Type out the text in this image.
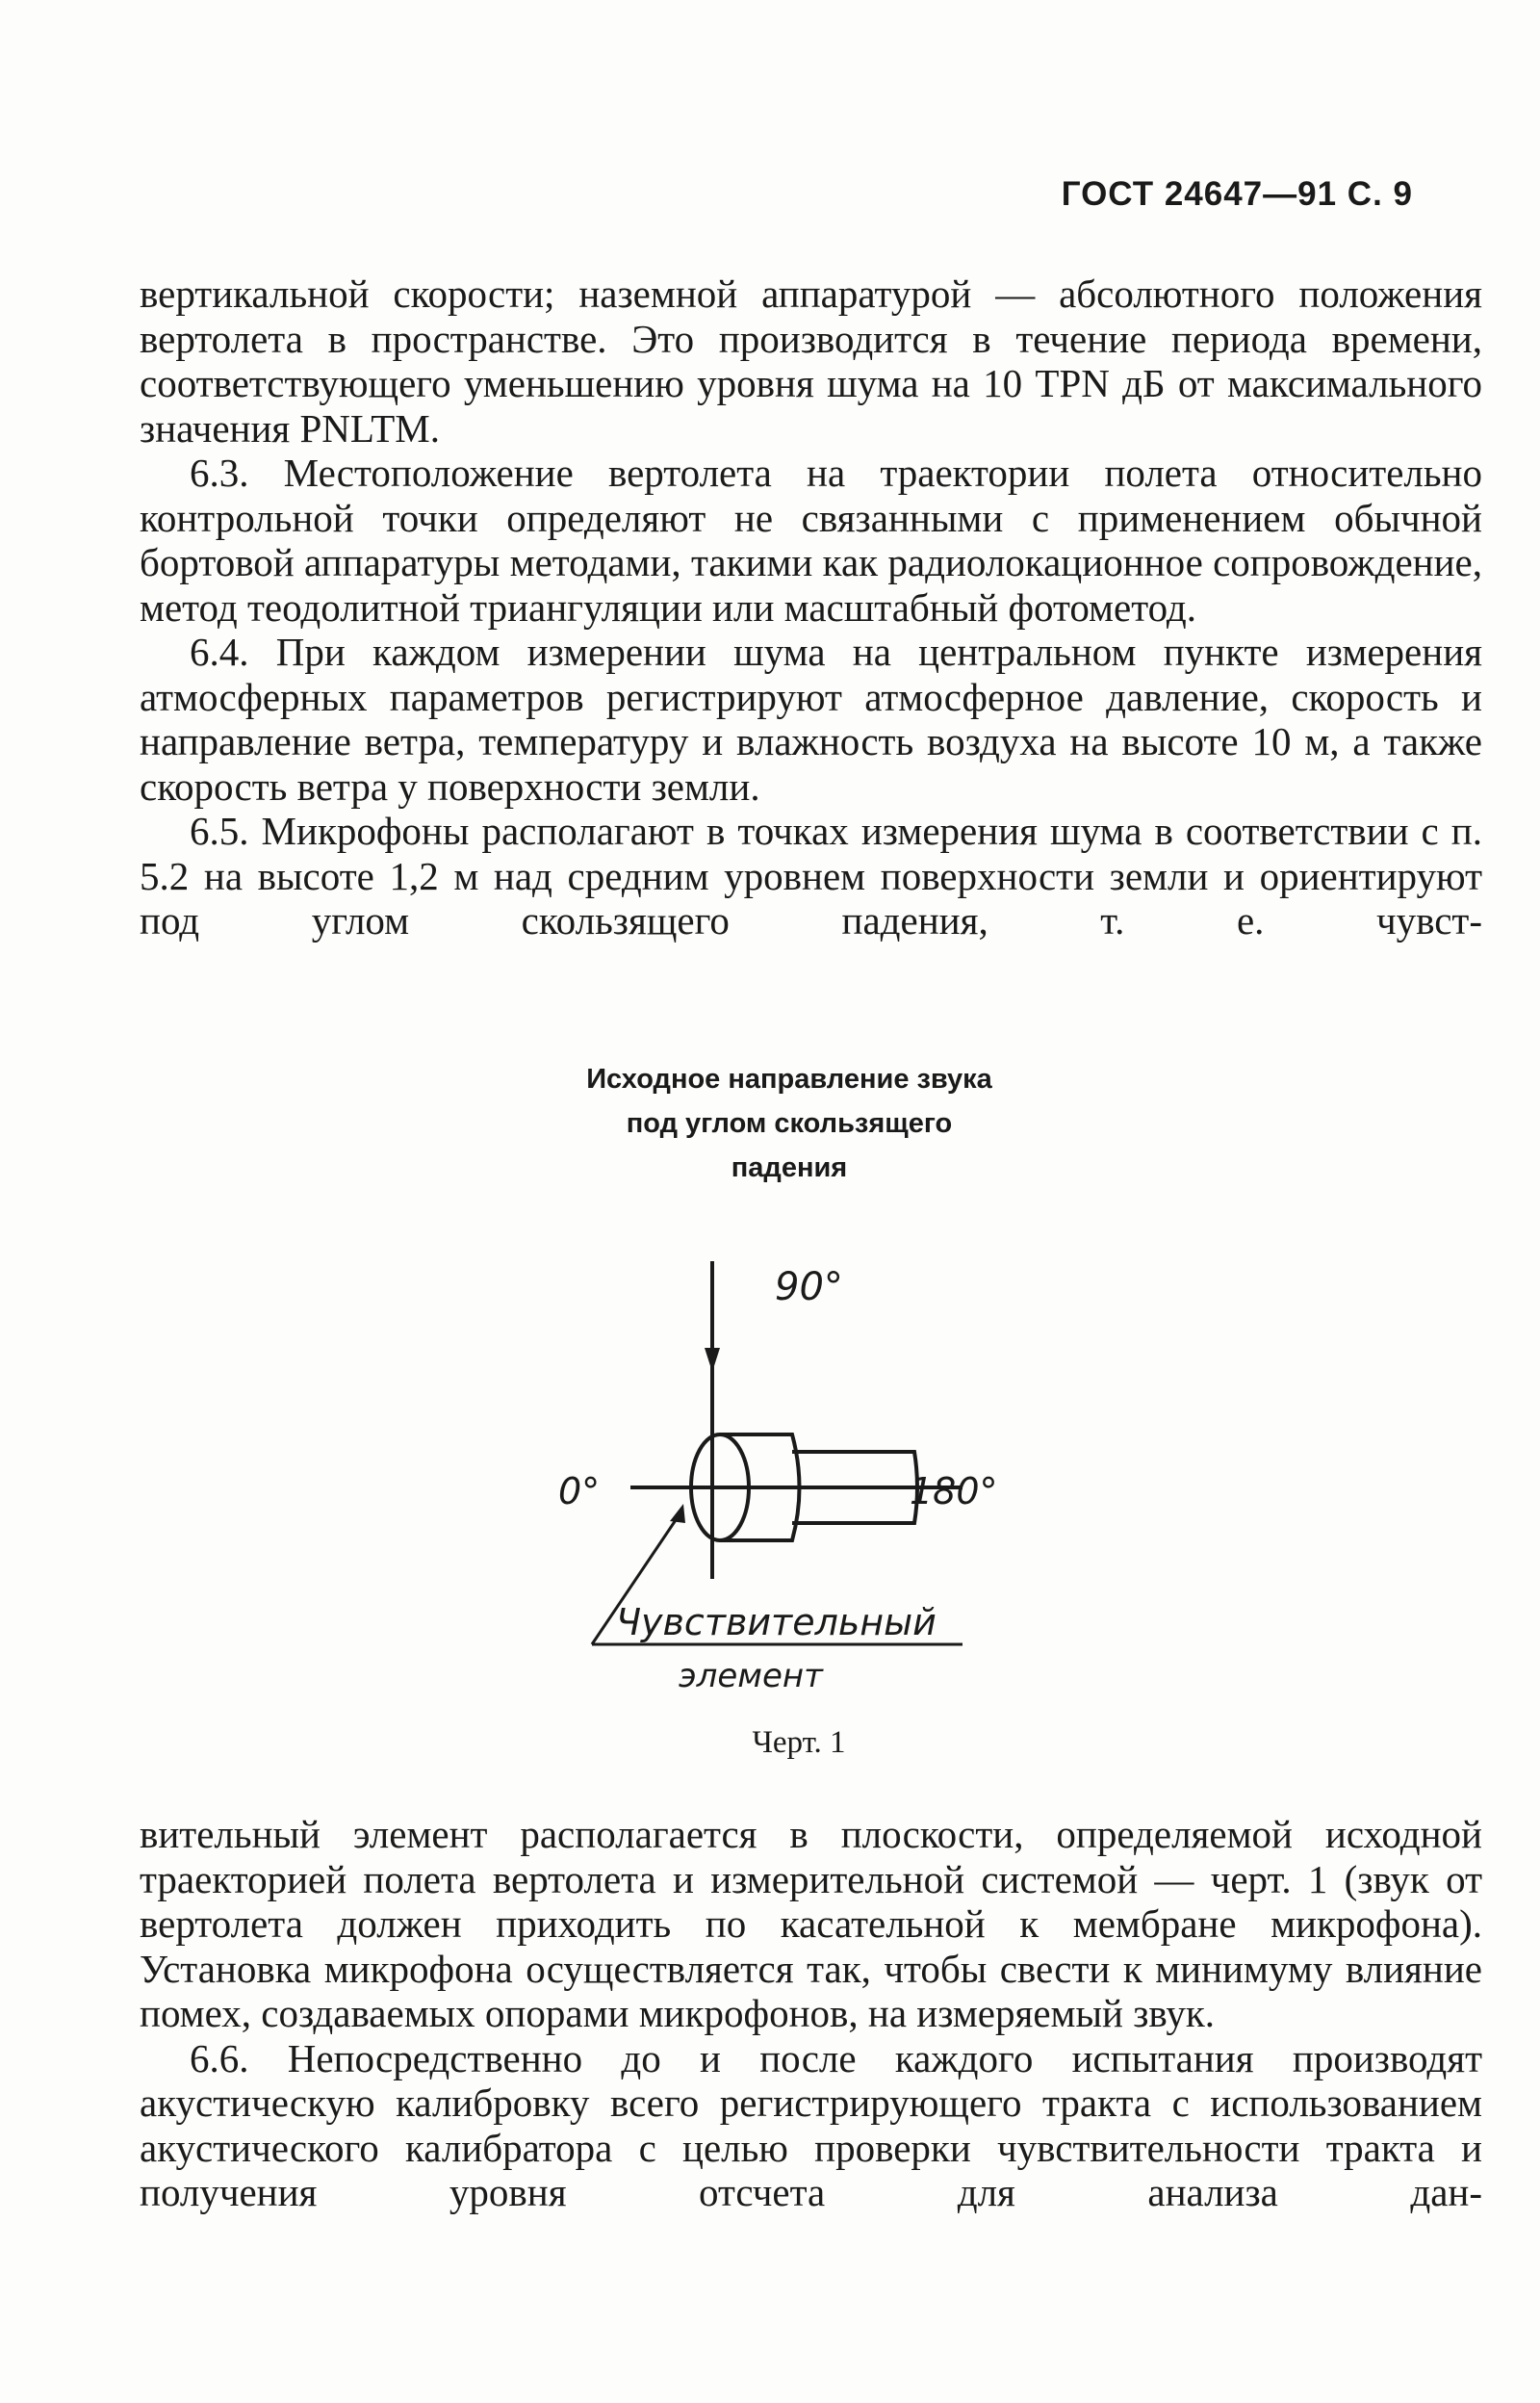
ГОСТ 24647—91 С. 9

вертикальной скорости; наземной аппаратурой — абсолютного положения вертолета в пространстве. Это производится в течение периода времени, соответствующего уменьшению уровня шума на 10 TPN дБ от максимального значения PNLTM.

6.3. Местоположение вертолета на траектории полета относительно контрольной точки определяют не связанными с применением обычной бортовой аппаратуры методами, такими как радиолокационное сопровождение, метод теодолитной триангуляции или масштабный фотометод.

6.4. При каждом измерении шума на центральном пункте измерения атмосферных параметров регистрируют атмосферное давление, скорость и направление ветра, температуру и влажность воздуха на высоте 10 м, а также скорость ветра у поверхности земли.

6.5. Микрофоны располагают в точках измерения шума в соответствии с п. 5.2 на высоте 1,2 м над средним уровнем поверхности земли и ориентируют под углом скользящего падения, т. е. чувст-

Исходное направление звука
под углом скользящего
падения
90°
0°	180°
Чувствительный
элемент
Черт. 1

вительный элемент располагается в плоскости, определяемой исходной траекторией полета вертолета и измерительной системой — черт. 1 (звук от вертолета должен приходить по касательной к мембране микрофона). Установка микрофона осуществляется так, чтобы свести к минимуму влияние помех, создаваемых опорами микрофонов, на измеряемый звук.

6.6. Непосредственно до и после каждого испытания производят акустическую калибровку всего регистрирующего тракта с использованием акустического калибратора с целью проверки чувствительности тракта и получения уровня отсчета для анализа дан-
